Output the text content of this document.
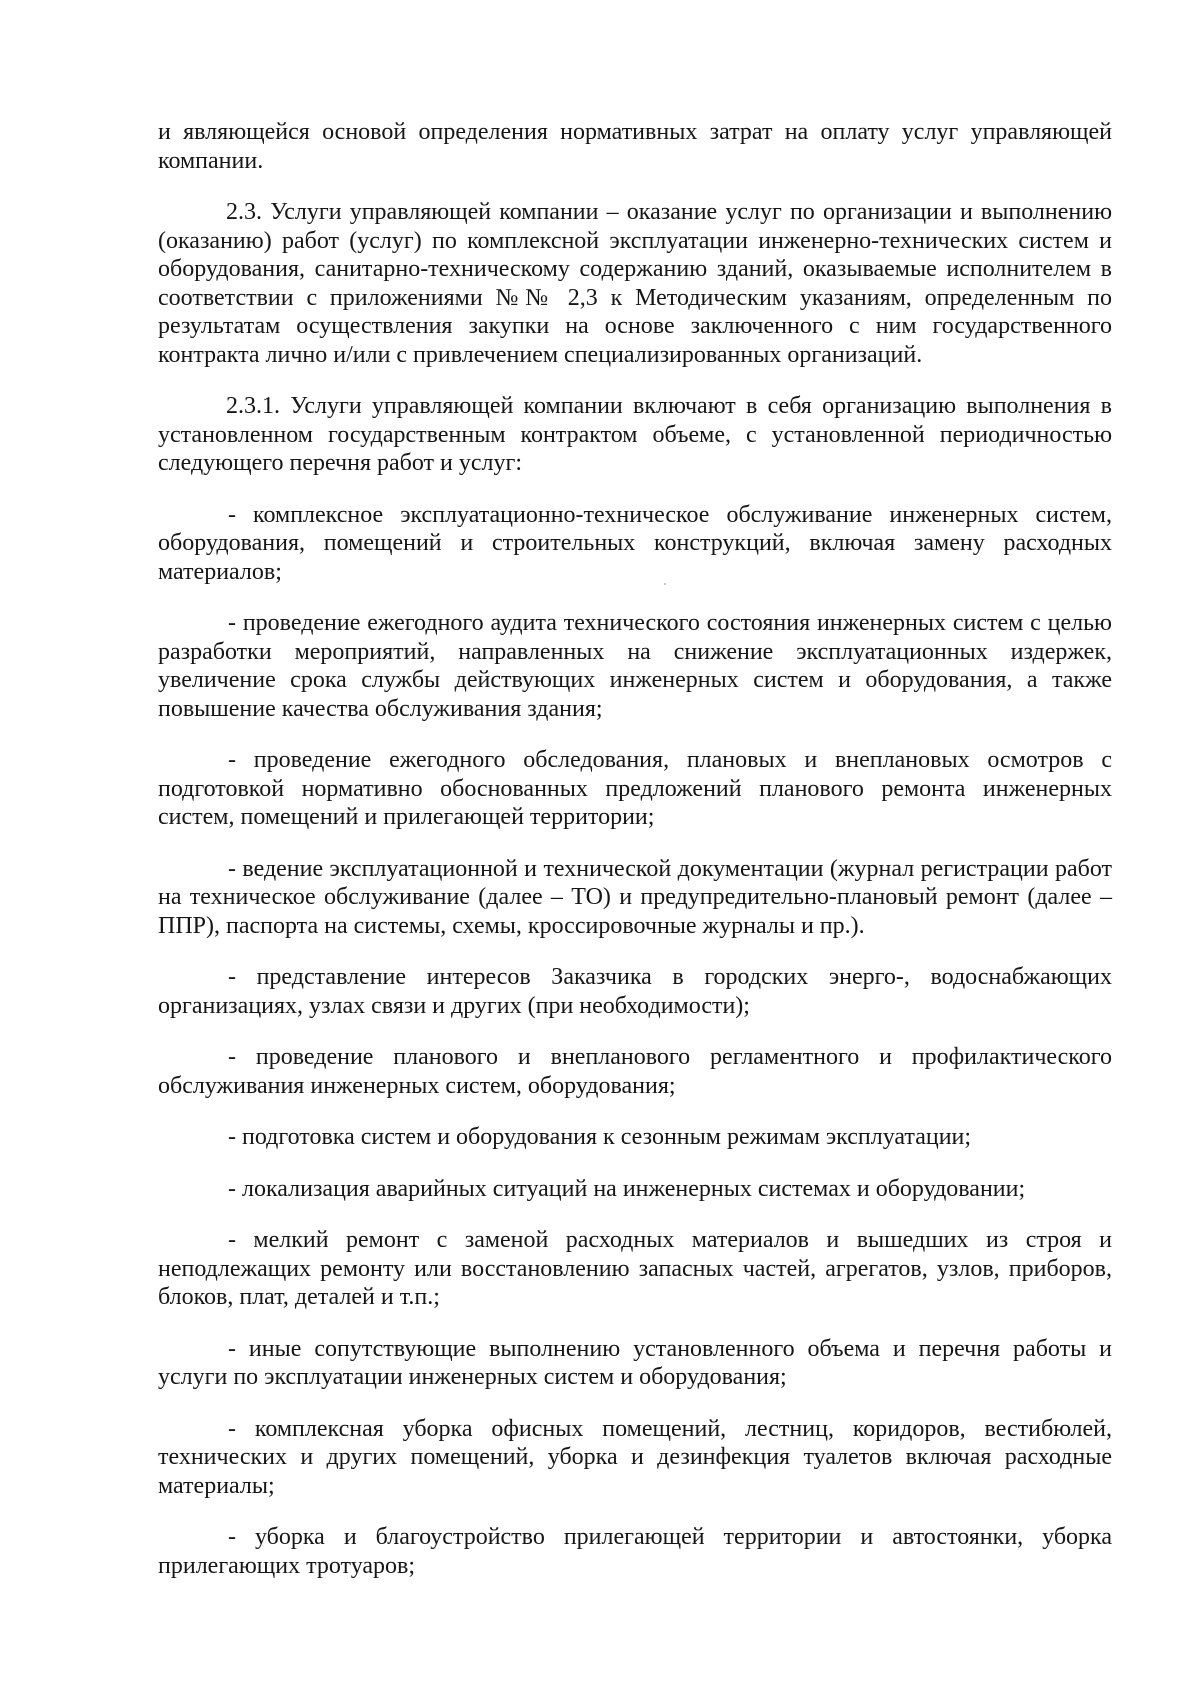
и являющейся основой определения нормативных затрат на оплату услуг управляющей компании.

2.3. Услуги управляющей компании – оказание услуг по организации и выполнению (оказанию) работ (услуг) по комплексной эксплуатации инженерно-технических систем и оборудования, санитарно-техническому содержанию зданий, оказываемые исполнителем в соответствии с приложениями №№ 2,3 к Методическим указаниям, определенным по результатам осуществления закупки на основе заключенного с ним государственного контракта лично и/или с привлечением специализированных организаций.

2.3.1. Услуги управляющей компании включают в себя организацию выполнения в установленном государственным контрактом объеме, с установленной периодичностью следующего перечня работ и услуг:

- комплексное эксплуатационно-техническое обслуживание инженерных систем, оборудования, помещений и строительных конструкций, включая замену расходных материалов;

- проведение ежегодного аудита технического состояния инженерных систем с целью разработки мероприятий, направленных на снижение эксплуатационных издержек, увеличение срока службы действующих инженерных систем и оборудования, а также повышение качества обслуживания здания;

- проведение ежегодного обследования, плановых и внеплановых осмотров с подготовкой нормативно обоснованных предложений планового ремонта инженерных систем, помещений и прилегающей территории;

- ведение эксплуатационной и технической документации (журнал регистрации работ на техническое обслуживание (далее – ТО) и предупредительно-плановый ремонт (далее – ППР), паспорта на системы, схемы, кроссировочные журналы и пр.).

- представление интересов Заказчика в городских энерго-, водоснабжающих организациях, узлах связи и других (при необходимости);

- проведение планового и внепланового регламентного и профилактического обслуживания инженерных систем, оборудования;

- подготовка систем и оборудования к сезонным режимам эксплуатации;

- локализация аварийных ситуаций на инженерных системах и оборудовании;

- мелкий ремонт с заменой расходных материалов и вышедших из строя и неподлежащих ремонту или восстановлению запасных частей, агрегатов, узлов, приборов, блоков, плат, деталей и т.п.;

- иные сопутствующие выполнению установленного объема и перечня работы и услуги по эксплуатации инженерных систем и оборудования;

- комплексная уборка офисных помещений, лестниц, коридоров, вестибюлей, технических и других помещений, уборка и дезинфекция туалетов включая расходные материалы;

- уборка и благоустройство прилегающей территории и автостоянки, уборка прилегающих тротуаров;
